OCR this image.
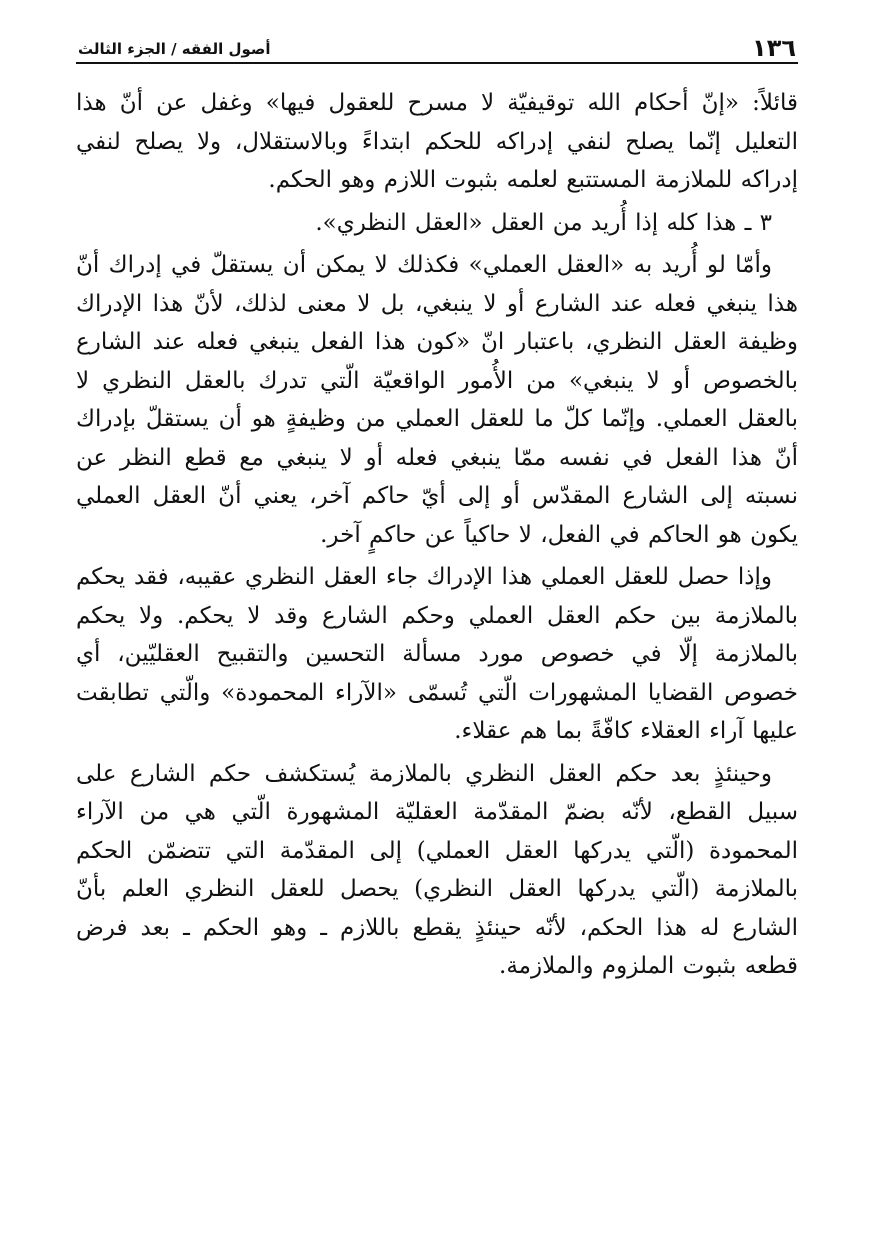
١٣٦
أصول الفقه / الجزء الثالث

قائلاً: «إنّ أحكام الله توقيفيّة لا مسرح للعقول فيها» وغفل عن أنّ هذا التعليل إنّما يصلح لنفي إدراكه للحكم ابتداءً وبالاستقلال، ولا يصلح لنفي إدراكه للملازمة المستتبع لعلمه بثبوت اللازم وهو الحكم.

٣ ـ هذا كله إذا أُريد من العقل «العقل النظري».

وأمّا لو أُريد به «العقل العملي» فكذلك لا يمكن أن يستقلّ في إدراك أنّ هذا ينبغي فعله عند الشارع أو لا ينبغي، بل لا معنى لذلك، لأنّ هذا الإدراك وظيفة العقل النظري، باعتبار انّ «كون هذا الفعل ينبغي فعله عند الشارع بالخصوص أو لا ينبغي» من الأُمور الواقعيّة الّتي تدرك بالعقل النظري لا بالعقل العملي. وإنّما كلّ ما للعقل العملي من وظيفةٍ هو أن يستقلّ بإدراك أنّ هذا الفعل في نفسه ممّا ينبغي فعله أو لا ينبغي مع قطع النظر عن نسبته إلى الشارع المقدّس أو إلى أيّ حاكم آخر، يعني أنّ العقل العملي يكون هو الحاكم في الفعل، لا حاكياً عن حاكمٍ آخر.

وإذا حصل للعقل العملي هذا الإدراك جاء العقل النظري عقيبه، فقد يحكم بالملازمة بين حكم العقل العملي وحكم الشارع وقد لا يحكم. ولا يحكم بالملازمة إلّا في خصوص مورد مسألة التحسين والتقبيح العقليّين، أي خصوص القضايا المشهورات الّتي تُسمّى «الآراء المحمودة» والّتي تطابقت عليها آراء العقلاء كافّةً بما هم عقلاء.

وحينئذٍ بعد حكم العقل النظري بالملازمة يُستكشف حكم الشارع على سبيل القطع، لأنّه بضمّ المقدّمة العقليّة المشهورة الّتي هي من الآراء المحمودة (الّتي يدركها العقل العملي) إلى المقدّمة التي تتضمّن الحكم بالملازمة (الّتي يدركها العقل النظري) يحصل للعقل النظري العلم بأنّ الشارع له هذا الحكم، لأنّه حينئذٍ يقطع باللازم ـ وهو الحكم ـ بعد فرض قطعه بثبوت الملزوم والملازمة.
